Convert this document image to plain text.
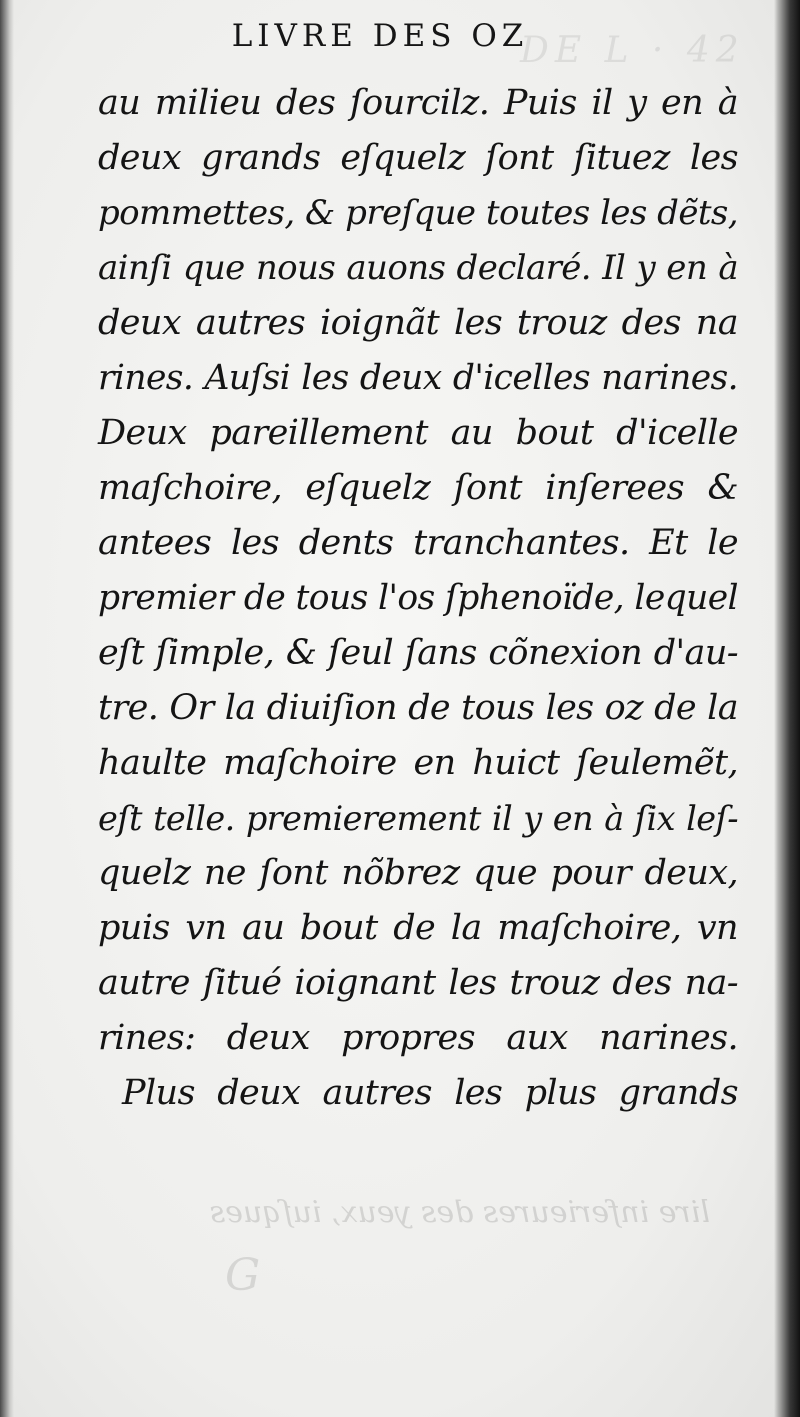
DE L · 42
lire inferieures des yeux, iuſques
G
LIVRE DES OZ
au milieu des ſourcilz. Puis il y en à
deux grands eſquelz ſont ſituez les
pommettes, & preſque toutes les dẽts,
ainſi que nous auons declaré. Il y en à
deux autres ioignãt les trouz des na
rines. Auſsi les deux d'icelles narines.
Deux pareillement au bout d'icelle
maſchoire, eſquelz ſont inſerees &
antees les dents tranchantes. Et le
premier de tous l'os ſphenoïde, lequel
eſt ſimple, & ſeul ſans cõnexion d'au-
tre. Or la diuiſion de tous les oz de la
haulte maſchoire en huict ſeulemẽt,
eſt telle. premierement il y en à ſix leſ-
quelz ne ſont nõbrez que pour deux,
puis vn au bout de la maſchoire, vn
autre ſitué ioignant les trouz des na-
rines: deux propres aux narines.
Plus deux autres les plus grands
